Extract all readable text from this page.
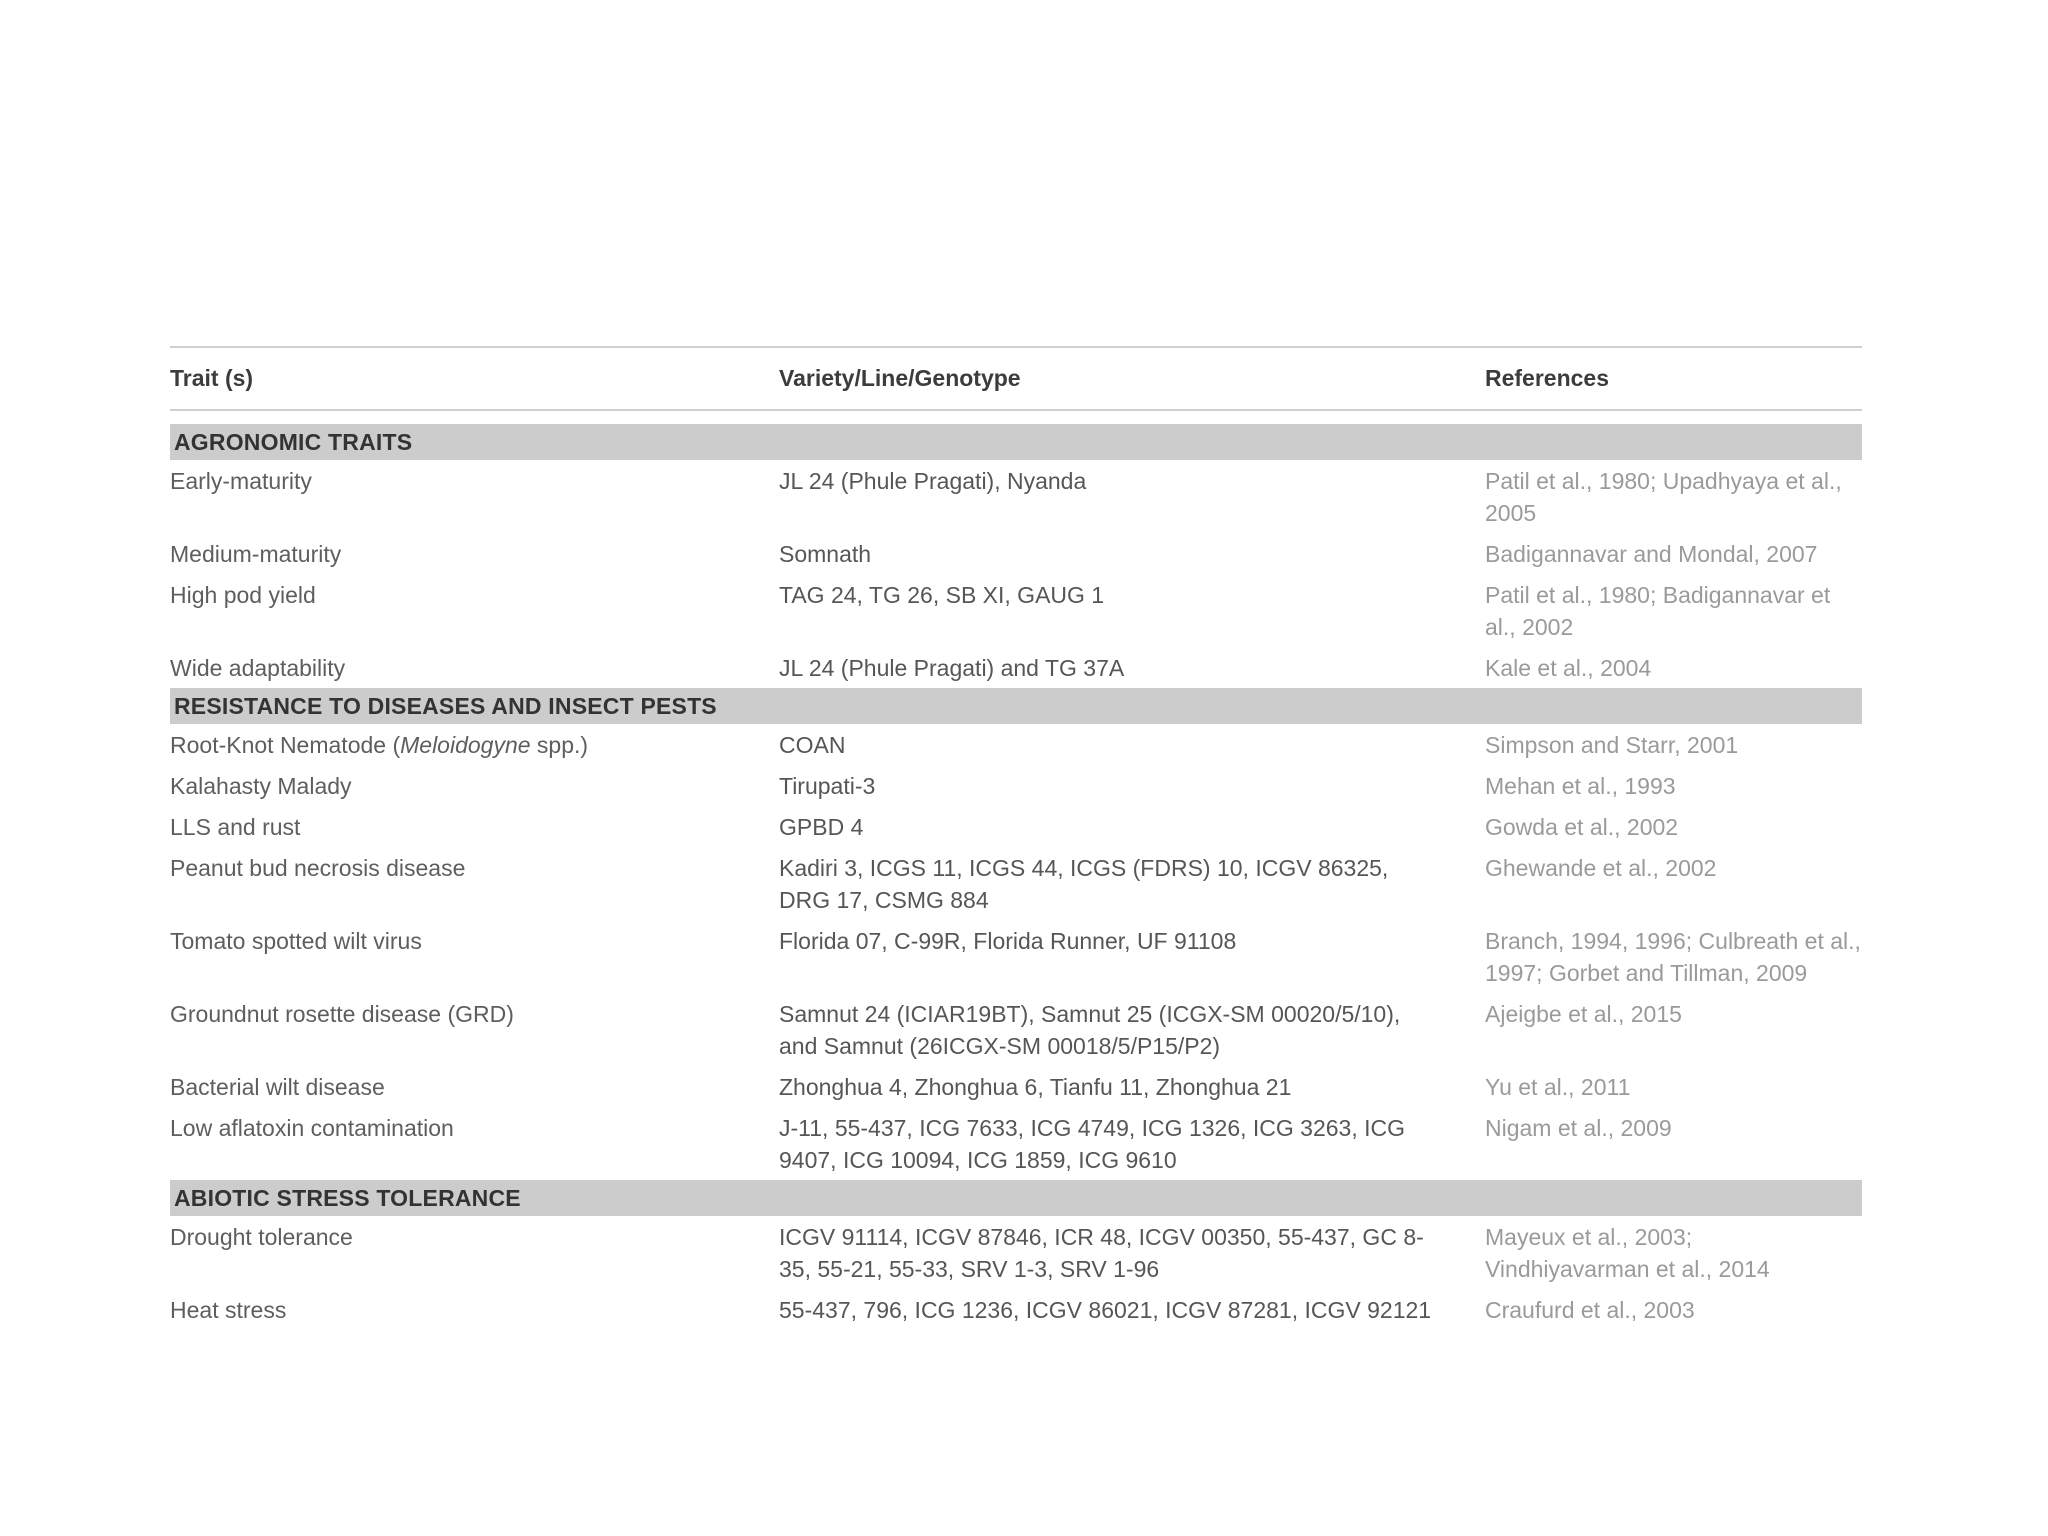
Trait (s)	Variety/Line/Genotype	References

AGRONOMIC TRAITS		
Early-maturity	JL 24 (Phule Pragati), Nyanda	Patil et al., 1980; Upadhyaya et al., 2005
Medium-maturity	Somnath	Badigannavar and Mondal, 2007
High pod yield	TAG 24, TG 26, SB XI, GAUG 1	Patil et al., 1980; Badigannavar et al., 2002
Wide adaptability	JL 24 (Phule Pragati) and TG 37A	Kale et al., 2004
RESISTANCE TO DISEASES AND INSECT PESTS		
Root-Knot Nematode (Meloidogyne spp.)	COAN	Simpson and Starr, 2001
Kalahasty Malady	Tirupati-3	Mehan et al., 1993
LLS and rust	GPBD 4	Gowda et al., 2002
Peanut bud necrosis disease	Kadiri 3, ICGS 11, ICGS 44, ICGS (FDRS) 10, ICGV 86325, DRG 17, CSMG 884	Ghewande et al., 2002
Tomato spotted wilt virus	Florida 07, C-99R, Florida Runner, UF 91108	Branch, 1994, 1996; Culbreath et al., 1997; Gorbet and Tillman, 2009
Groundnut rosette disease (GRD)	Samnut 24 (ICIAR19BT), Samnut 25 (ICGX-SM 00020/5/10), and Samnut (26ICGX-SM 00018/5/P15/P2)	Ajeigbe et al., 2015
Bacterial wilt disease	Zhonghua 4, Zhonghua 6, Tianfu 11, Zhonghua 21	Yu et al., 2011
Low aflatoxin contamination	J-11, 55-437, ICG 7633, ICG 4749, ICG 1326, ICG 3263, ICG 9407, ICG 10094, ICG 1859, ICG 9610	Nigam et al., 2009
ABIOTIC STRESS TOLERANCE		
Drought tolerance	ICGV 91114, ICGV 87846, ICR 48, ICGV 00350, 55-437, GC 8-35, 55-21, 55-33, SRV 1-3, SRV 1-96	Mayeux et al., 2003; Vindhiyavarman et al., 2014
Heat stress	55-437, 796, ICG 1236, ICGV 86021, ICGV 87281, ICGV 92121	Craufurd et al., 2003
